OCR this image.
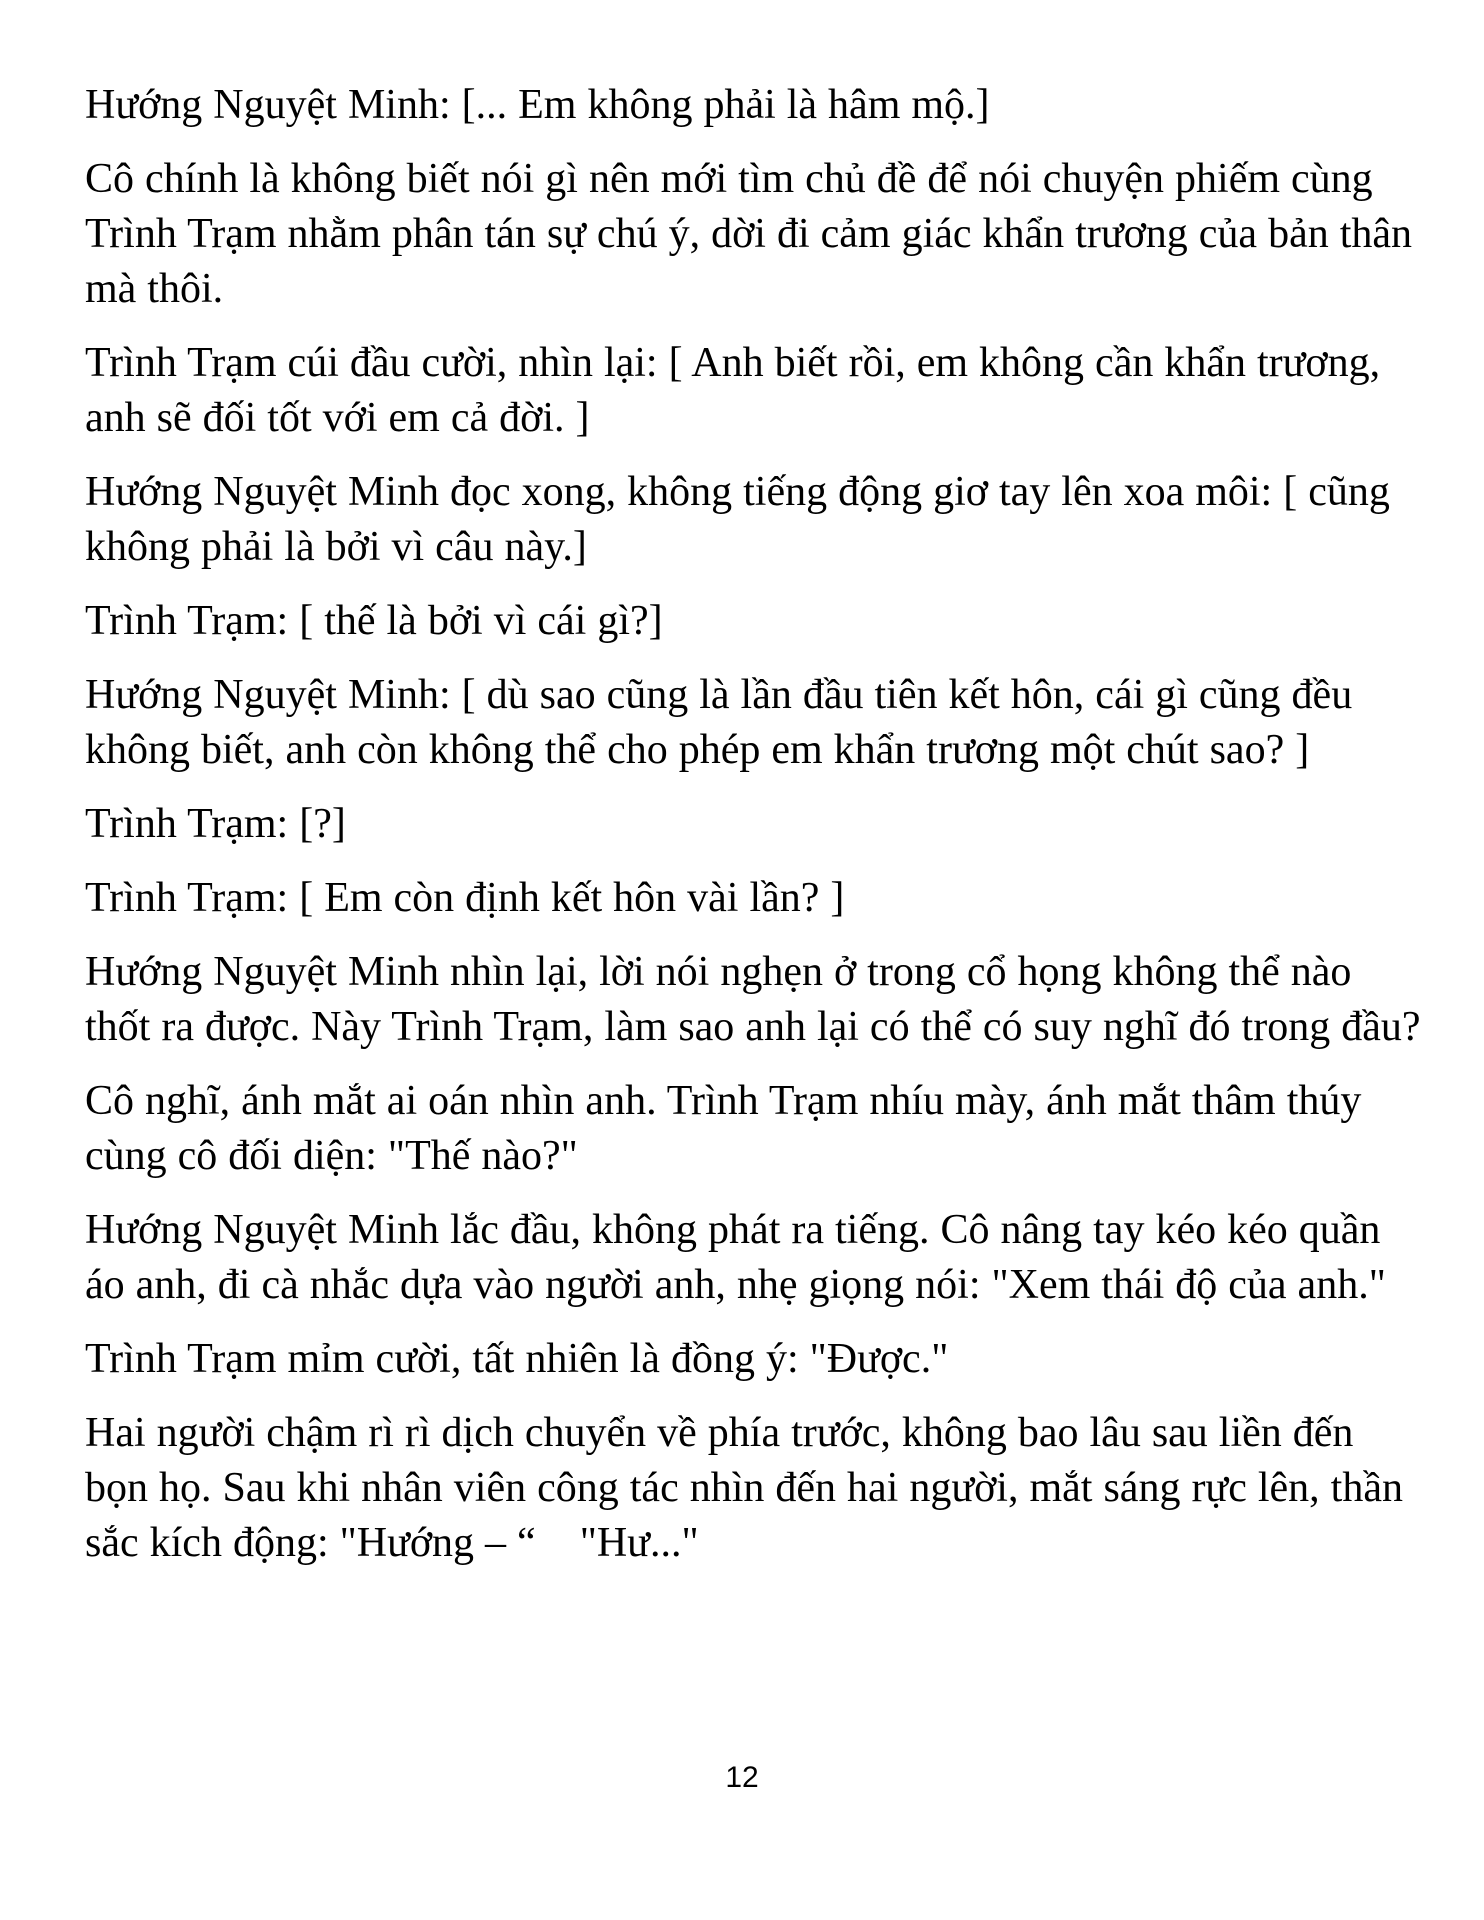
Hướng Nguyệt Minh: [... Em không phải là hâm mộ.]

Cô chính là không biết nói gì nên mới tìm chủ đề để nói chuyện phiếm cùng Trình Trạm nhằm phân tán sự chú ý, dời đi cảm giác khẩn trương của bản thân mà thôi.

Trình Trạm cúi đầu cười, nhìn lại: [ Anh biết rồi, em không cần khẩn trương, anh sẽ đối tốt với em cả đời. ]

Hướng Nguyệt Minh đọc xong, không tiếng động giơ tay lên xoa môi: [ cũng không phải là bởi vì câu này.]

Trình Trạm: [ thế là bởi vì cái gì?]

Hướng Nguyệt Minh: [ dù sao cũng là lần đầu tiên kết hôn, cái gì cũng đều không biết, anh còn không thể cho phép em khẩn trương một chút sao? ]

Trình Trạm: [?]

Trình Trạm: [ Em còn định kết hôn vài lần? ]

Hướng Nguyệt Minh nhìn lại, lời nói nghẹn ở trong cổ họng không thể nào thốt ra được. Này Trình Trạm, làm sao anh lại có thể có suy nghĩ đó trong đầu?

Cô nghĩ, ánh mắt ai oán nhìn anh. Trình Trạm nhíu mày, ánh mắt thâm thúy cùng cô đối diện: "Thế nào?"

Hướng Nguyệt Minh lắc đầu, không phát ra tiếng. Cô nâng tay kéo kéo quần áo anh, đi cà nhắc dựa vào người anh, nhẹ giọng nói: "Xem thái độ của anh."

Trình Trạm mỉm cười, tất nhiên là đồng ý: "Được."

Hai người chậm rì rì dịch chuyển về phía trước, không bao lâu sau liền đến bọn họ. Sau khi nhân viên công tác nhìn đến hai người, mắt sáng rực lên, thần sắc kích động: "Hướng – “    "Hư..."

12
